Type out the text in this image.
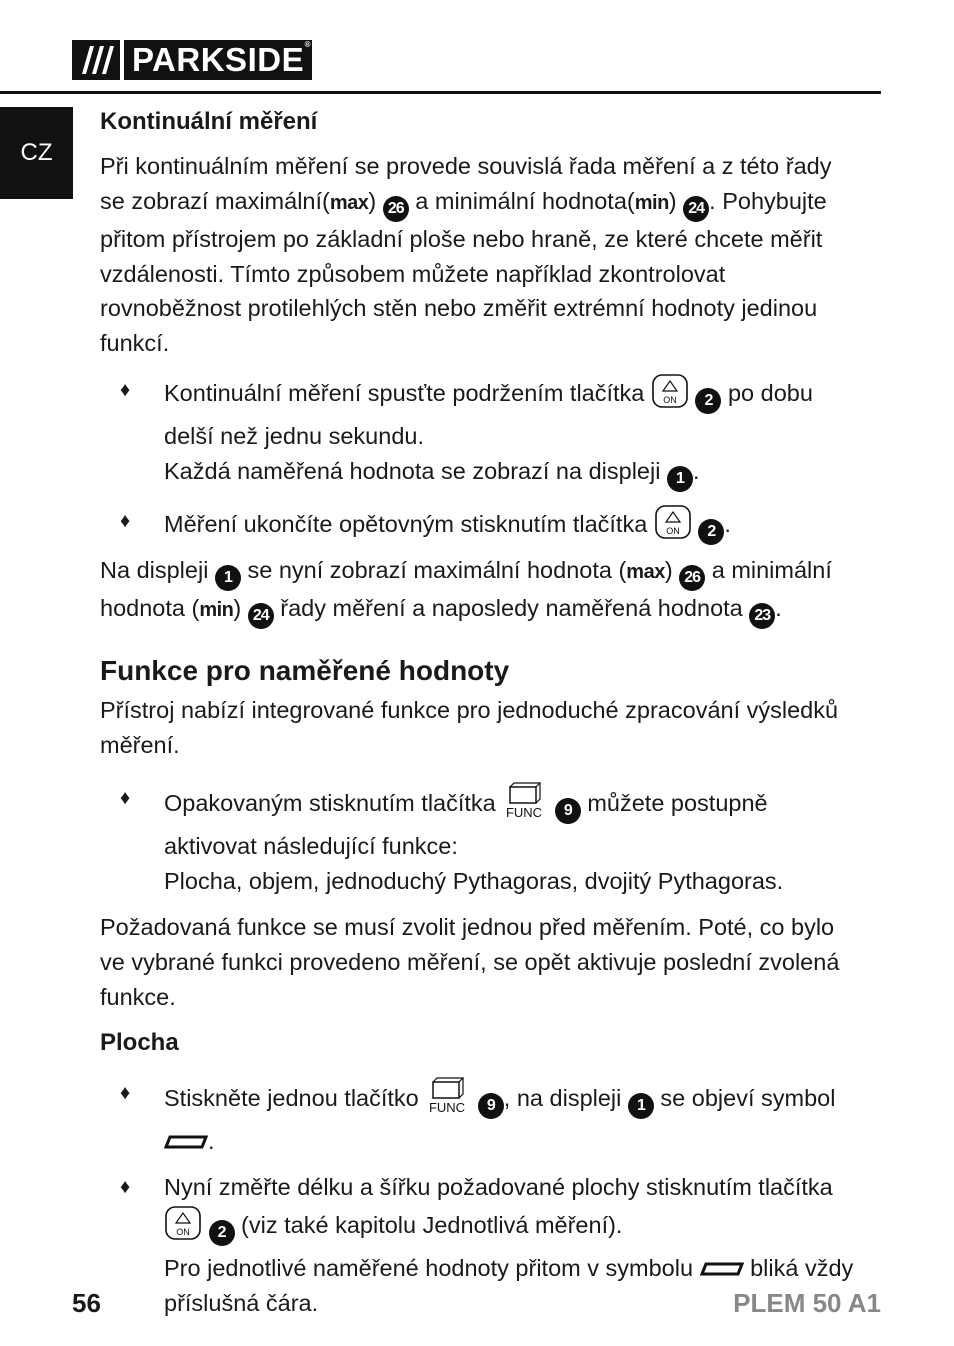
PARKSIDE ®
CZ

Kontinuální měření

Při kontinuálním měření se provede souvislá řada měření a z této řady se zobrazí maximální(max) 26 a minimální hodnota(min) 24 . Pohybujte přitom přístrojem po základní ploše nebo hraně, ze které chcete měřit vzdálenosti. Tímto způsobem můžete například zkontrolovat rovnoběžnost protilehlých stěn nebo změřit extrémní hodnoty jedinou funkcí.

♦ Kontinuální měření spusťte podržením tlačítka ON 2 po dobu delší než jednu sekundu.
Každá naměřená hodnota se zobrazí na displeji 1 .
♦ Měření ukončíte opětovným stisknutím tlačítka ON 2 .

Na displeji 1 se nyní zobrazí maximální hodnota (max) 26 a minimální hodnota (min) 24 řady měření a naposledy naměřená hodnota 23 .

Funkce pro naměřené hodnoty

Přístroj nabízí integrované funkce pro jednoduché zpracování výsledků měření.

♦ Opakovaným stisknutím tlačítka FUNC 9 můžete postupně aktivovat následující funkce:
Plocha, objem, jednoduchý Pythagoras, dvojitý Pythagoras.

Požadovaná funkce se musí zvolit jednou před měřením. Poté, co bylo ve vybrané funkci provedeno měření, se opět aktivuje poslední zvolená funkce.

Plocha

♦ Stiskněte jednou tlačítko FUNC 9 , na displeji 1 se objeví symbol .
♦ Nyní změřte délku a šířku požadované plochy stisknutím tlačítka
ON 2 (viz také kapitolu Jednotlivá měření).
Pro jednotlivé naměřené hodnoty přitom v symbolu  bliká vždy příslušná čára.
56	PLEM 50 A1
